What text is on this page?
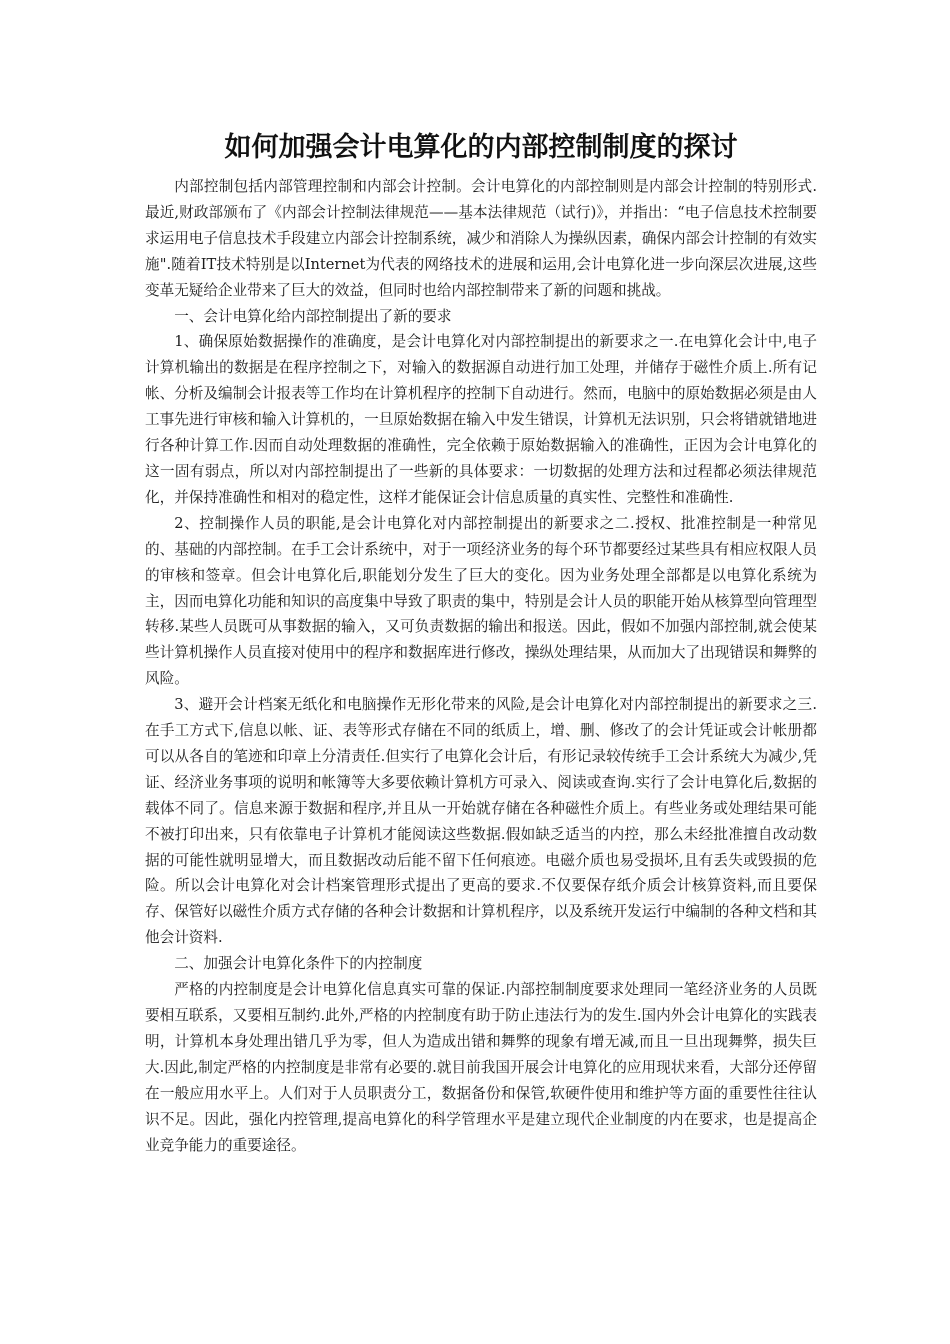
如何加强会计电算化的内部控制制度的探讨

内部控制包括内部管理控制和内部会计控制。会计电算化的内部控制则是内部会计控制的特别形式.最近,财政部颁布了《内部会计控制法律规范——基本法律规范（试行)》，并指出：“电子信息技术控制要求运用电子信息技术手段建立内部会计控制系统，减少和消除人为操纵因素，确保内部会计控制的有效实施".随着IT技术特别是以Internet为代表的网络技术的进展和运用,会计电算化进一步向深层次进展,这些变革无疑给企业带来了巨大的效益，但同时也给内部控制带来了新的问题和挑战。

一、会计电算化给内部控制提出了新的要求

1、确保原始数据操作的准确度，是会计电算化对内部控制提出的新要求之一.在电算化会计中,电子计算机输出的数据是在程序控制之下，对输入的数据源自动进行加工处理，并储存于磁性介质上.所有记帐、分析及编制会计报表等工作均在计算机程序的控制下自动进行。然而，电脑中的原始数据必须是由人工事先进行审核和输入计算机的，一旦原始数据在输入中发生错误，计算机无法识别，只会将错就错地进行各种计算工作.因而自动处理数据的准确性，完全依赖于原始数据输入的准确性，正因为会计电算化的这一固有弱点，所以对内部控制提出了一些新的具体要求：一切数据的处理方法和过程都必须法律规范化，并保持准确性和相对的稳定性，这样才能保证会计信息质量的真实性、完整性和准确性.

2、控制操作人员的职能,是会计电算化对内部控制提出的新要求之二.授权、批准控制是一种常见的、基础的内部控制。在手工会计系统中，对于一项经济业务的每个环节都要经过某些具有相应权限人员的审核和签章。但会计电算化后,职能划分发生了巨大的变化。因为业务处理全部都是以电算化系统为主，因而电算化功能和知识的高度集中导致了职责的集中，特别是会计人员的职能开始从核算型向管理型转移.某些人员既可从事数据的输入，又可负责数据的输出和报送。因此，假如不加强内部控制,就会使某些计算机操作人员直接对使用中的程序和数据库进行修改，操纵处理结果，从而加大了出现错误和舞弊的风险。

3、避开会计档案无纸化和电脑操作无形化带来的风险,是会计电算化对内部控制提出的新要求之三.在手工方式下,信息以帐、证、表等形式存储在不同的纸质上，增、删、修改了的会计凭证或会计帐册都可以从各自的笔迹和印章上分清责任.但实行了电算化会计后，有形记录较传统手工会计系统大为减少,凭证、经济业务事项的说明和帐簿等大多要依赖计算机方可录入、阅读或查询.实行了会计电算化后,数据的载体不同了。信息来源于数据和程序,并且从一开始就存储在各种磁性介质上。有些业务或处理结果可能不被打印出来，只有依靠电子计算机才能阅读这些数据.假如缺乏适当的内控，那么未经批准擅自改动数据的可能性就明显增大，而且数据改动后能不留下任何痕迹。电磁介质也易受损坏,且有丢失或毁损的危险。所以会计电算化对会计档案管理形式提出了更高的要求.不仅要保存纸介质会计核算资料,而且要保存、保管好以磁性介质方式存储的各种会计数据和计算机程序，以及系统开发运行中编制的各种文档和其他会计资料.

二、加强会计电算化条件下的内控制度

严格的内控制度是会计电算化信息真实可靠的保证.内部控制制度要求处理同一笔经济业务的人员既要相互联系，又要相互制约.此外,严格的内控制度有助于防止违法行为的发生.国内外会计电算化的实践表明，计算机本身处理出错几乎为零，但人为造成出错和舞弊的现象有增无减,而且一旦出现舞弊，损失巨大.因此,制定严格的内控制度是非常有必要的.就目前我国开展会计电算化的应用现状来看，大部分还停留在一般应用水平上。人们对于人员职责分工，数据备份和保管,软硬件使用和维护等方面的重要性往往认识不足。因此，强化内控管理,提高电算化的科学管理水平是建立现代企业制度的内在要求，也是提高企业竞争能力的重要途径。
